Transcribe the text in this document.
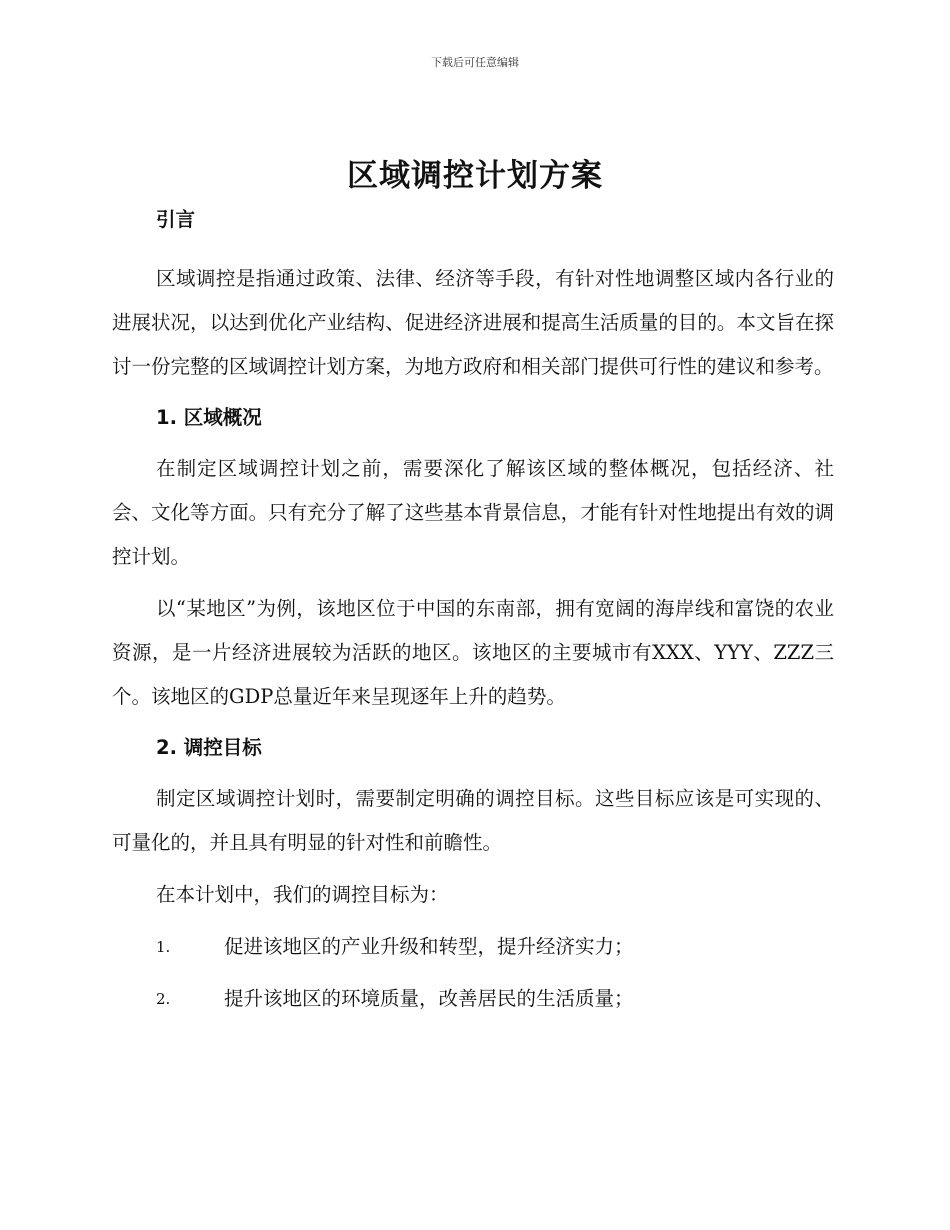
下载后可任意编辑
区域调控计划方案
引言

区域调控是指通过政策、法律、经济等手段，有针对性地调整区域内各行业的进展状况，以达到优化产业结构、促进经济进展和提高生活质量的目的。本文旨在探讨一份完整的区域调控计划方案，为地方政府和相关部门提供可行性的建议和参考。

1. 区域概况

在制定区域调控计划之前，需要深化了解该区域的整体概况，包括经济、社会、文化等方面。只有充分了解了这些基本背景信息，才能有针对性地提出有效的调控计划。

以“某地区”为例，该地区位于中国的东南部，拥有宽阔的海岸线和富饶的农业资源，是一片经济进展较为活跃的地区。该地区的主要城市有XXX、YYY、ZZZ三个。该地区的GDP总量近年来呈现逐年上升的趋势。

2. 调控目标

制定区域调控计划时，需要制定明确的调控目标。这些目标应该是可实现的、可量化的，并且具有明显的针对性和前瞻性。

在本计划中，我们的调控目标为：

1.	促进该地区的产业升级和转型，提升经济实力；
2.	提升该地区的环境质量，改善居民的生活质量；
